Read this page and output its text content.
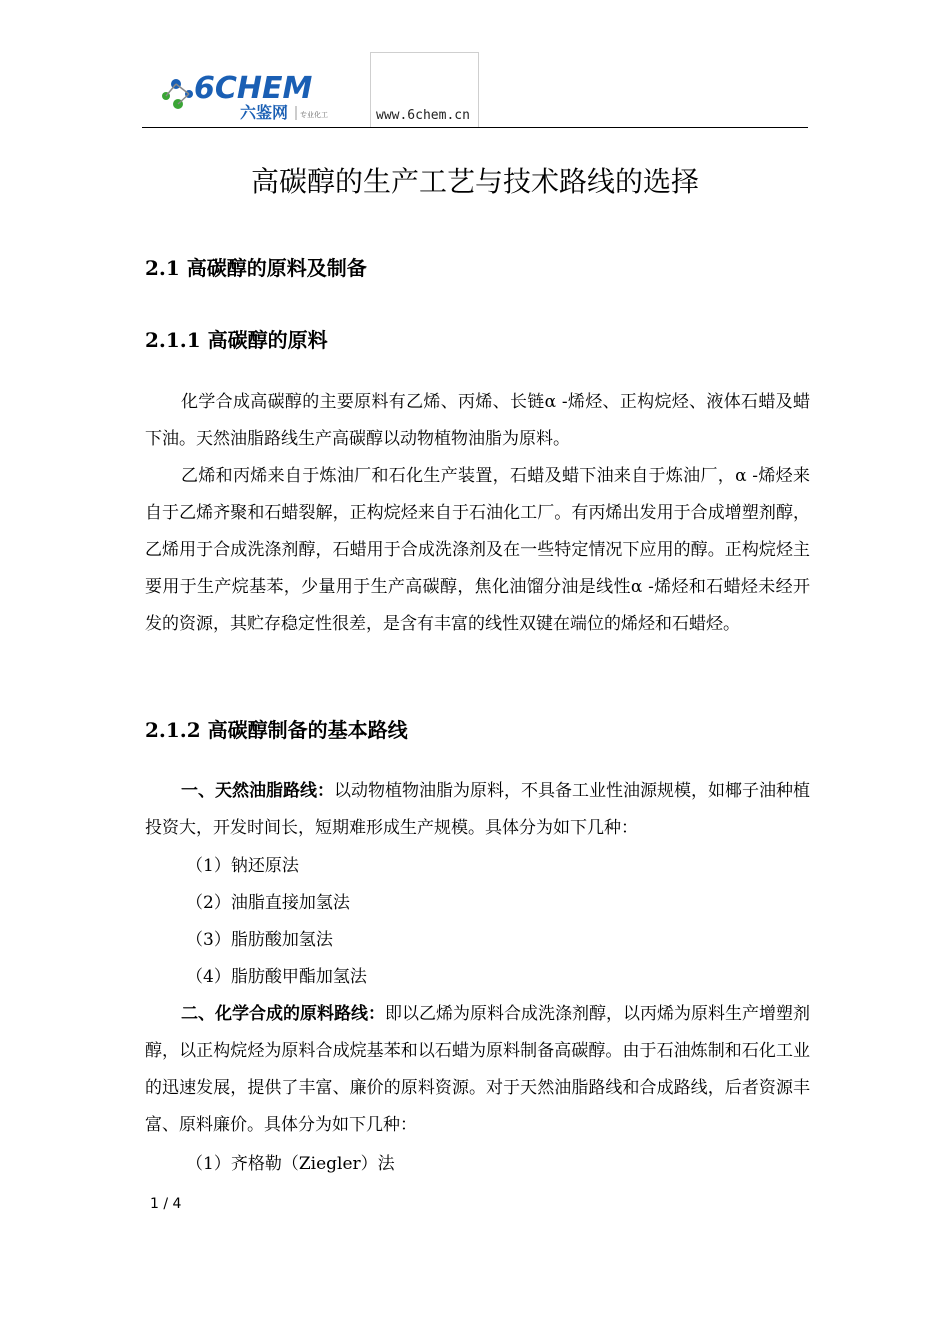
6CHEM
六鉴网 专业化工	www.6chem.cn
高碳醇的生产工艺与技术路线的选择
2.1 高碳醇的原料及制备
2.1.1 高碳醇的原料

化学合成高碳醇的主要原料有乙烯、丙烯、长链α -烯烃、正构烷烃、液体石蜡及蜡下油。天然油脂路线生产高碳醇以动物植物油脂为原料。

乙烯和丙烯来自于炼油厂和石化生产装置，石蜡及蜡下油来自于炼油厂，α -烯烃来自于乙烯齐聚和石蜡裂解，正构烷烃来自于石油化工厂。有丙烯出发用于合成增塑剂醇，乙烯用于合成洗涤剂醇，石蜡用于合成洗涤剂及在一些特定情况下应用的醇。正构烷烃主要用于生产烷基苯，少量用于生产高碳醇，焦化油馏分油是线性α -烯烃和石蜡烃未经开发的资源，其贮存稳定性很差，是含有丰富的线性双键在端位的烯烃和石蜡烃。

2.1.2 高碳醇制备的基本路线

一、天然油脂路线：以动物植物油脂为原料，不具备工业性油源规模，如椰子油种植投资大，开发时间长，短期难形成生产规模。具体分为如下几种：

（1）钠还原法
（2）油脂直接加氢法
（3）脂肪酸加氢法
（4）脂肪酸甲酯加氢法

二、化学合成的原料路线：即以乙烯为原料合成洗涤剂醇，以丙烯为原料生产增塑剂醇，以正构烷烃为原料合成烷基苯和以石蜡为原料制备高碳醇。由于石油炼制和石化工业的迅速发展，提供了丰富、廉价的原料资源。对于天然油脂路线和合成路线，后者资源丰富、原料廉价。具体分为如下几种：

（1）齐格勒（Ziegler）法
1 / 4
